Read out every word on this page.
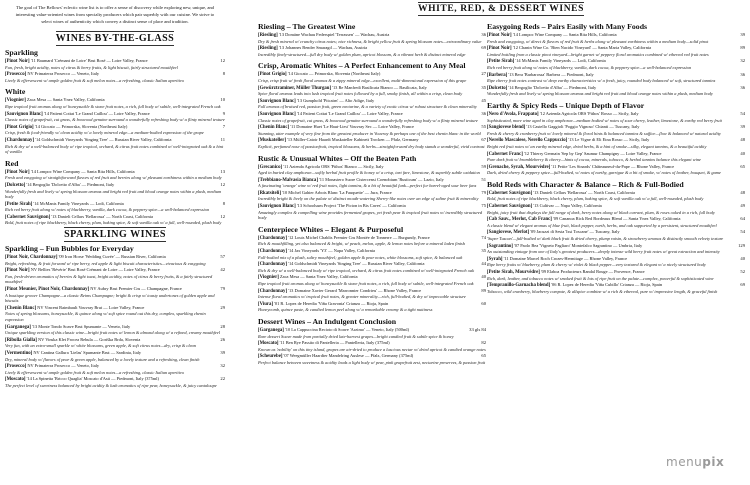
The goal of The Bellows' eclectic wine list is to offer a sense of discovery while exploring new, unique, and interesting value-oriented wines from specialty producers which pair superbly with our cuisine. We strive to select wines of authenticity which convey a distinct sense of place and tradition.
WINES BY-THE-GLASS
Sparkling
12
[Pinot Noir] '11 Baumard 'Crémant de Loire' Brut Rosé — Loire Valley, France
Fun, fresh, bright acidity, notes of citrus & berry fruits, & light biscuit, fairly structured mouthfeel
8
[Prosecco] NV Primaterra Prosecco — Veneto, Italy
Lively & effervescent w/ ample golden fruit & soft melon notes—a refreshing, classic Italian aperitivo
White
10
[Viognier] Zaca Mesa — Santa Ynez Valley, California
Ripe tropical fruit aromas along w/ honeysuckle & stone fruit notes, a rich, full body w/ subtle, well-integrated French oak
9
[Sauvignon Blanc] '14 Patient Cottat 'Le Grand Caillou' — Loire Valley, France
Classic notes of grapefruit, cut grass, & boxwood genuine surround a wonderfully refreshing body w/ a flinty mineral texture
7
[Pinot Grigio] '14 Giocato — Primorska, Slovenia (Northeast Italy)
Crisp, fresh & food-friendly w/ clean acidity w/ a lovely mineral edge—a medium-bodied expression of the grape
11
[Chardonnay] '14 Goldschmidt Vineyards 'Singing Tree' — Russian River Valley, California
Rich & dry w/ a well-balanced body w/ ripe tropical, orchard, & citrus fruit notes combined w/ well-integrated oak & a hint of vanilla
Red
13
[Pinot Noir] '14 Lompoc Wine Company — Santa Rita Hills, California
Fresh and easygoing w/ straightforward flavors of red fruit and berries along w/ pleasant earthiness within a medium body
12
[Dolcetto] '14 Bergoglio 'Dolcetto d'Alba' — Piedmont, Italy
Wonderfully fresh and lively w/ spring blossom aromas and bright red fruit and blood orange notes within a plush, medium body
8
[Petite Sirah] '14 McManis Family Vineyards — Lodi, California
Rich red berry fruit along w/ notes of blackberry, vanilla, dark cocoa, & peppery spice—a well-balanced expression
12
[Cabernet Sauvignon] '13 Danieli Cellars 'Bellarossa' — North Coast, California
Bold, fruit notes of ripe blackberry, black cherry, plum, baking spice, & soft vanilla oak w/ a full, well-rounded, plush body
SPARKLING WINES
Sparkling – Fun Bubbles for Everyday
57
[Pinot Noir, Chardonnay] '09 Iron Horse 'Wedding Cuvée' — Russian River, California
Bright, refreshing, & fruit forward w/ ripe berry, red apple & light biscuit characteristics—vivacious & easygoing
42
[Pinot Noir] NV Bellies 'Révérie' Brut Rosé Crémant de Loire — Loire Valley, France
Fun, fresh-driven aromatics of berries & light toast, bright acidity, notes of citrus & berry fruits, & a fairly structured mouthfeel
79
[Pinot Meunier, Pinot Noir, Chardonnay] NV Aubry Brut Premier Cru — Champagne, France
A boutique grower Champagne—a classic Reims Champagne; bright & crisp w/ toasty undertones of golden apple and biscuits
29
[Chenin Blanc] NV Vincent Raimbault Vouvray Brut — Loire Valley, France
Notes of spring blossoms, honeysuckle, & quince along w/ soft spice round out this dry, complex, sparkling chenin expression
28
[Garganega] '13 Monte Tondo Soave Brut Spumante — Veneto, Italy
Unique sparkling version of this classic wine—bright fruit notes w/ lemon & almond along w/ a refined, creamy mouthfeel
26
[Ribolla Gialla] NV Vinska Klet Frocea Rebula — Goriška Brda, Slovenia
Very fun, with an extra-small sparkle w/ white blossoms, green apple, & soft citrus notes—dry, crisp & clean
39
[Vermentino] NV Cantina Gallura 'Lielas' Spumante Brut — Sardinia, Italy
Dry, mineral body w/ flavors of pear & green apple, balanced by a lovely texture and a refreshing, clean finish
32
[Prosecco] NV Primaterra Prosecco — Veneto, Italy
Lively & effervescent w/ ample golden fruit & soft melon notes—a refreshing, classic Italian aperitivo
22
[Moscato] '14 La Spinetta 'Bricco Quaglia' Moscato d'Asti — Piedmont, Italy (375ml)
The perfect level of sweetness balanced by bright acidity & lush aromatics of ripe pear, honeysuckle, & juicy cantaloupe
WHITE, RED, & DESSERT WINES
Riesling – The Greatest Wine
36
[Riesling] '13 Domäne Wachau Federspiel 'Terrassen' — Wachau, Austria
Dry & fresh mineral w/ crunchy citrus notes; nice richness, & bright yellow fruit & spring blossom notes—extraordinary value
69
[Riesling] '13 Johannes Bender Smaragd — Wachau, Austria
Incredibly finely-structured—full dry body w/ golden plum, apricot blossom, & a vibrant herb & distinct mineral edge
Crisp, Aromatic Whites – A Perfect Enhancement to Any Meal
27
[Pinot Grigio] '14 Giocato — Primorska, Slovenia (Northeast Italy)
Crisp, crisp fruit w/ fresh floral aromas & a zippy mineral edge—excellent, multi-dimensional expression of this grape
35
[Gewürztraminer, Müller Thurgau] '13 Re Manfredi Basilicata Bianco — Basilicata, Italy
Spice floral aromas leads into lush tropical fruit notes followed by a full, smoky finish, all within a crisp, clean body
45
[Sauvignon Blanc] '13 Gumphold 'Pitcairn' — Alto Adige, Italy
Full aromas of bruised red, passion fruit, green nectarine, & a variety of exotic citrus w/ robust structure & clean minerality
36
[Sauvignon Blanc] '14 Patient Cottat 'Le Grand Caillou' — Loire Valley, France
Classic notes of grapefruit, cut grass, & boxwood genuine surround a wonderfully refreshing body w/ a flinty mineral texture
55
[Chenin Blanc] '11 Domaine Huet 'Le Haut-Lieu' Vouvray Sec — Loire Valley, France
Stunning, utter example of very fine from the greatest producer in Vouvray & perhaps one of the best chenin blanc in the world
67
[Muskateller] '13 Müller-Catoir Haardt Muskateller Kabinett Trocken — Pfalz, Germany
Explicit, perfumed nose of passionfruit, tropical blossoms, & herbs—straightforward dry body stands a wonderful, vivid contrast
Rustic & Unusual Whites – Off the Beaten Path
59
[Grecanico] '11 Azienda Agricola ORS 'Pithos' Bianco — Sicily, Italy
Aged in buried clay amphorae—softly herbal fruit profile & honey w/ a crisp, tart fare, limestone, & superbly subtle oxidation
51
[Trebbiano-Malvasia Bianca] '11 Monastero Suore Cistercensi Coenobium 'Rusticum' — Lazio, Italy
A fascinating 'orange' wine w/ red fruit notes, light tannins, & a bit of beautiful funk—perfect for barrel-aged sour beer fans
79
[Rkatsiteli] '10 Michel Gahier Arbois Blanc 'La Fauquette' — Jura, France
Incredibly bright & lively on the palate w/ distinct mouth-watering Sherry-like notes over an edge of saline fruit & minerality
75
[Sauvignon Blanc] '13 Schoolsum Project 'The Picton in Bis Caves' — California
Amazingly complex & compelling wine provides fermented grapes, yet fresh pear & tropical fruit notes w/ incredibly structured body
Centerpiece Whites – Elegant & Purposeful
74
[Chardonnay] '12 Louis Michel Chablis Premier Cru Montée de Tonnerre — Burgundy, France
Rich & mouthfilling, yet also balanced & bright, w/ peach, melon, apple, & lemon notes before a mineral laden finish
35
[Chardonnay] '14 Jax Vineyards 'Y3' — Napa Valley, California
Full-bodied mix of a plush, sultry mouthfeel; golden apple & pear notes, white blossoms, soft spice, & balanced oak
44
[Chardonnay] '14 Goldschmidt Vineyards 'Singing Tree' — Russian River Valley, California
Rich & dry w/ a well-balanced body w/ ripe tropical, orchard, & citrus fruit notes combined w/ well-integrated French oak
40
[Viognier] Zaca Mesa — Santa Ynez Valley, California
Ripe tropical fruit aromas along w/ honeysuckle & stone fruit notes, a rich, full body w/ subtle, well-integrated French oak
89
[Chardonnay] '13 Domaine Xavier Gerard 'Marronnier Condrieu' — Rhone Valley, France
Intense floral aromatics w/ tropical fruit notes, & greater minerality—rich, full-bodied, & dry w/ impeccable structure
60
[Viura] '01 R. Lopez de Heredia 'Viña Gravonia' Crianza — Rioja, Spain
Honeycomb, quince paste, & candied lemon peel along w/ a remarkable creamy & a tight nuttiness
Dessert Wines – An Indulgent Conclusion
33 gls 84
[Garganega] '10 La Cappuccina Recioto di Soave 'Arzimo' — Veneto, Italy (500ml)
Rare dessert Soave made from partially dried late-harvest grapes—bright candied fruit & subtle spice & honey
82
[Moscato] '11 Ben Rye Passito di Pantelleria — Pantelleria, Italy (375ml)
Known as 'nobility' on this tiny island, grapes are air-dried to produce a luscious nectar w/ dried apricot & candied orange notes
65
[Scheurebe] '07 Weegmüller Haardter Mandelring Auslese — Pfalz, Germany (375ml)
Perfect balance between sweetness & acidity leads a light body w/ pear, pink grapefruit zest, nectarine preserves, & passion fruit
Easygoing Reds – Pairs Easily with Many Foods
39
[Pinot Noir] '14 Lompoc Wine Company — Santa Rita Hills, California
Fresh and easygoing, w/ direct & flavors of red fruit & herbs along w/ pleasant earthiness within a medium body—solid pinot
89
[Pinot Noir] '12 Chanin Wine Co. 'Bien Nacido Vineyard' — Santa Maria Valley, California
Limited bottling from a classic pinot vineyard—bright garnet w/ peppery floral aromatics combined w/ ethereal red fruit notes
32
[Petite Sirah] '14 McManis Family Vineyards — Lodi, California
Rich red berry fruit along w/ notes of blackberry, vanilla, dark cocoa, & peppery spice—a well-balanced expression
36
[Barbera] '13 Bera 'Barbarossa' Barbera — Piedmont, Italy
Ripe cherry fruit notes contrast w/ deep earthy characteristics w/ a fresh, juicy, rounded body balanced w/ soft, structured tannins
36
[Dolcetto] '14 Bergoglio 'Dolcetto d'Alba' — Piedmont, Italy
Wonderfully fresh and lively w/ spring blossom aromas and bright red fruit and blood orange notes within a plush, medium body
Earthy & Spicy Reds – Unique Depth of Flavor
54
[Nero d'Avola, Frappato] '12 Azienda Agricola ORS 'Pithos' Rosso — Sicily, Italy
Sophisticated, more wine aged in clay amphorae—medium bodied w/ notes of sour cherry, leather, limestone, & earthy red berry fruit
39
[Sangiovese blend] '13 Castello Gaggioli 'Poggio Vignoso' Chianti — Tuscany, Italy
Fresh & cherry & cranberry fruit w/ lovely mineral & floral hints & balanced tannins & suffice—flow & balanced w/ natural acidity
48
[Nerello Mascalese, Nerello Cappuccio] '13 Le Vigne di Eli Etna Rosso — Sicily, Italy
Bright red fruit notes w/ an earthy mineral edge, dried herbs, & a hint of smoke—silky, elegant tannins, & a beautiful acidity
40
[Cabernet Franc] '12 Thierry Germain 'Sep by Gep' Saumur Champigny — Loire Valley, France
Pure dark fruit w/ brambleberry & cherry—hints of cocoa, minerals, tobacco, & herbal tannins balance this elegant wine
65
[Grenache, Syrah, Mourvèdre] '11 Petite 'Les Sinards' Châteauneuf-du-Pape — Rhone Valley, France
Dark, dried cherry & peppery spice—full-bodied, w/ notes of earthy, garrigue & a bit of smoke, w/ notes of leather, bouquet, & game
Bold Reds with Character & Balance – Rich & Full-Bodied
48
[Cabernet Sauvignon] '13 Danieli Cellars 'Bellarossa' — North Coast, California
Bold, fruit notes of ripe blackberry, black cherry, plum, baking spice, & soft vanilla oak w/ a full, well-rounded, plush body
49
[Cabernet Sauvignon] '13 Cultivar — Napa Valley, California
Bright, juicy fruit that displays the full range of dark, berry notes along w/ black currant, plum, & roses ooked in a rich, full body
64
[Cab Sauv., Merlot, Cab Franc] '09 Cananoa Rick Red Bordeaux Blend — Santa Ynez Valley, California
A classic blend w/ elegant aromas of blue fruit, black pepper, earth, herbs, and oak supported by a persistent, structured mouthfeel
54
[Sangiovese, Merlot] '09 Jacuzzi di Sesta 'Issi Toscane' — Tuscany, Italy
'Super Tuscan'—full-bodied w/ dark black fruit & dried cherry, plump raisin, & strawberry aromas & distinctly smooth velvety texture
129
[Sagrantino] '07 Paolo Bea 'Vigneto Pagliaro' Montefalco Sagrantino — Umbria, Italy
An outstanding vintage from one of Italy's greatest producers—deeply intense wild berry fruit notes w/ great extraction and intensity
40
[Syrah] '11 Domaine Marcel Roch Crozes-Hermitage — Rhone Valley, France
Ripe berry fruits w/ blueberry, plum & cherry w/ violet & black pepper—very textured & elegant w/ a nicely structured body
52
[Petite Sirah, Mourvèdre] '09 Elaboa Producteurs Randal Rouge — Provence, France
Rich, dark, leather, and tobacco notes w/ smoked fruit & lots of ripe fruit on the palate—complex, powerful & sophisticated wine
69
[Tempranillo-Garnacha blend] '06 R. Lopez de Heredia 'Viña Cubillo' Crianza — Rioja, Spain
Tobacco, wild cranberry, blueberry compote, & allspice combine w/ a rich & ethereal, pure w/ impressive length, & graceful finish
menupix
